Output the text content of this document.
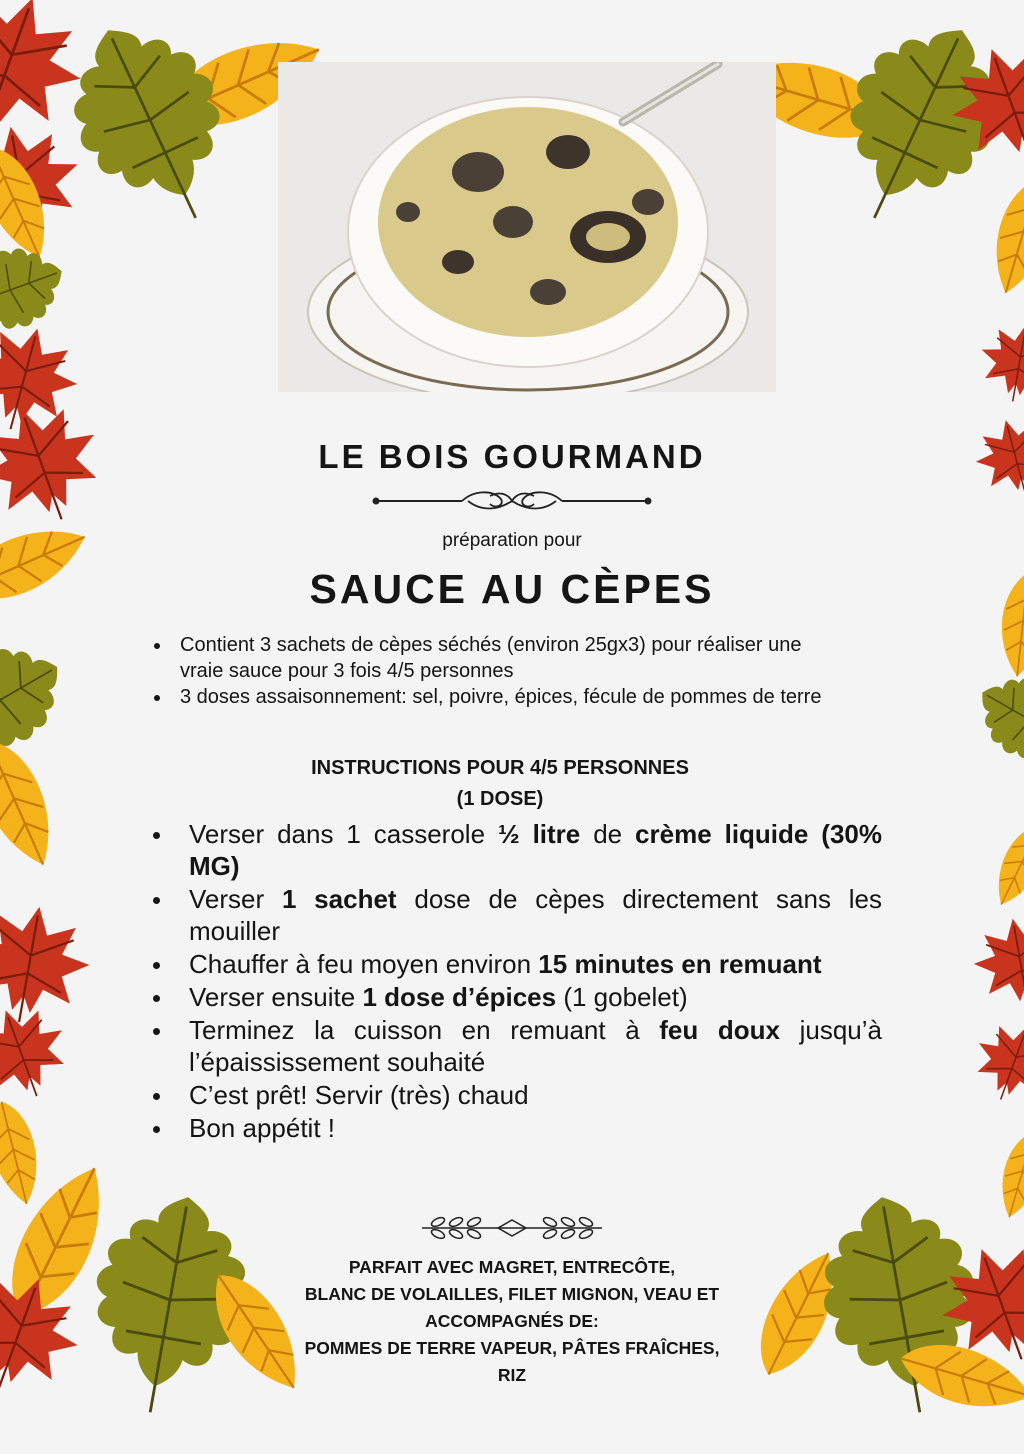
LE BOIS GOURMAND
préparation pour
SAUCE AU CÈPES
Contient 3 sachets de cèpes séchés (environ 25gx3) pour réaliser une vraie sauce pour 3 fois 4/5 personnes
3 doses assaisonnement: sel, poivre, épices, fécule de pommes de terre
INSTRUCTIONS POUR 4/5 PERSONNES
(1 DOSE)
Verser dans 1 casserole ½ litre de crème liquide (30% MG)
Verser 1 sachet dose de cèpes directement sans les mouiller
Chauffer à feu moyen environ 15 minutes en remuant
Verser ensuite 1 dose d’épices (1 gobelet)
Terminez la cuisson en remuant à feu doux jusqu’à l’épaississement souhaité
C’est prêt! Servir (très) chaud
Bon appétit !
PARFAIT AVEC MAGRET, ENTRECÔTE,
BLANC DE VOLAILLES, FILET MIGNON, VEAU ET
ACCOMPAGNÉS DE:
POMMES DE TERRE VAPEUR, PÂTES FRAÎCHES,
RIZ
